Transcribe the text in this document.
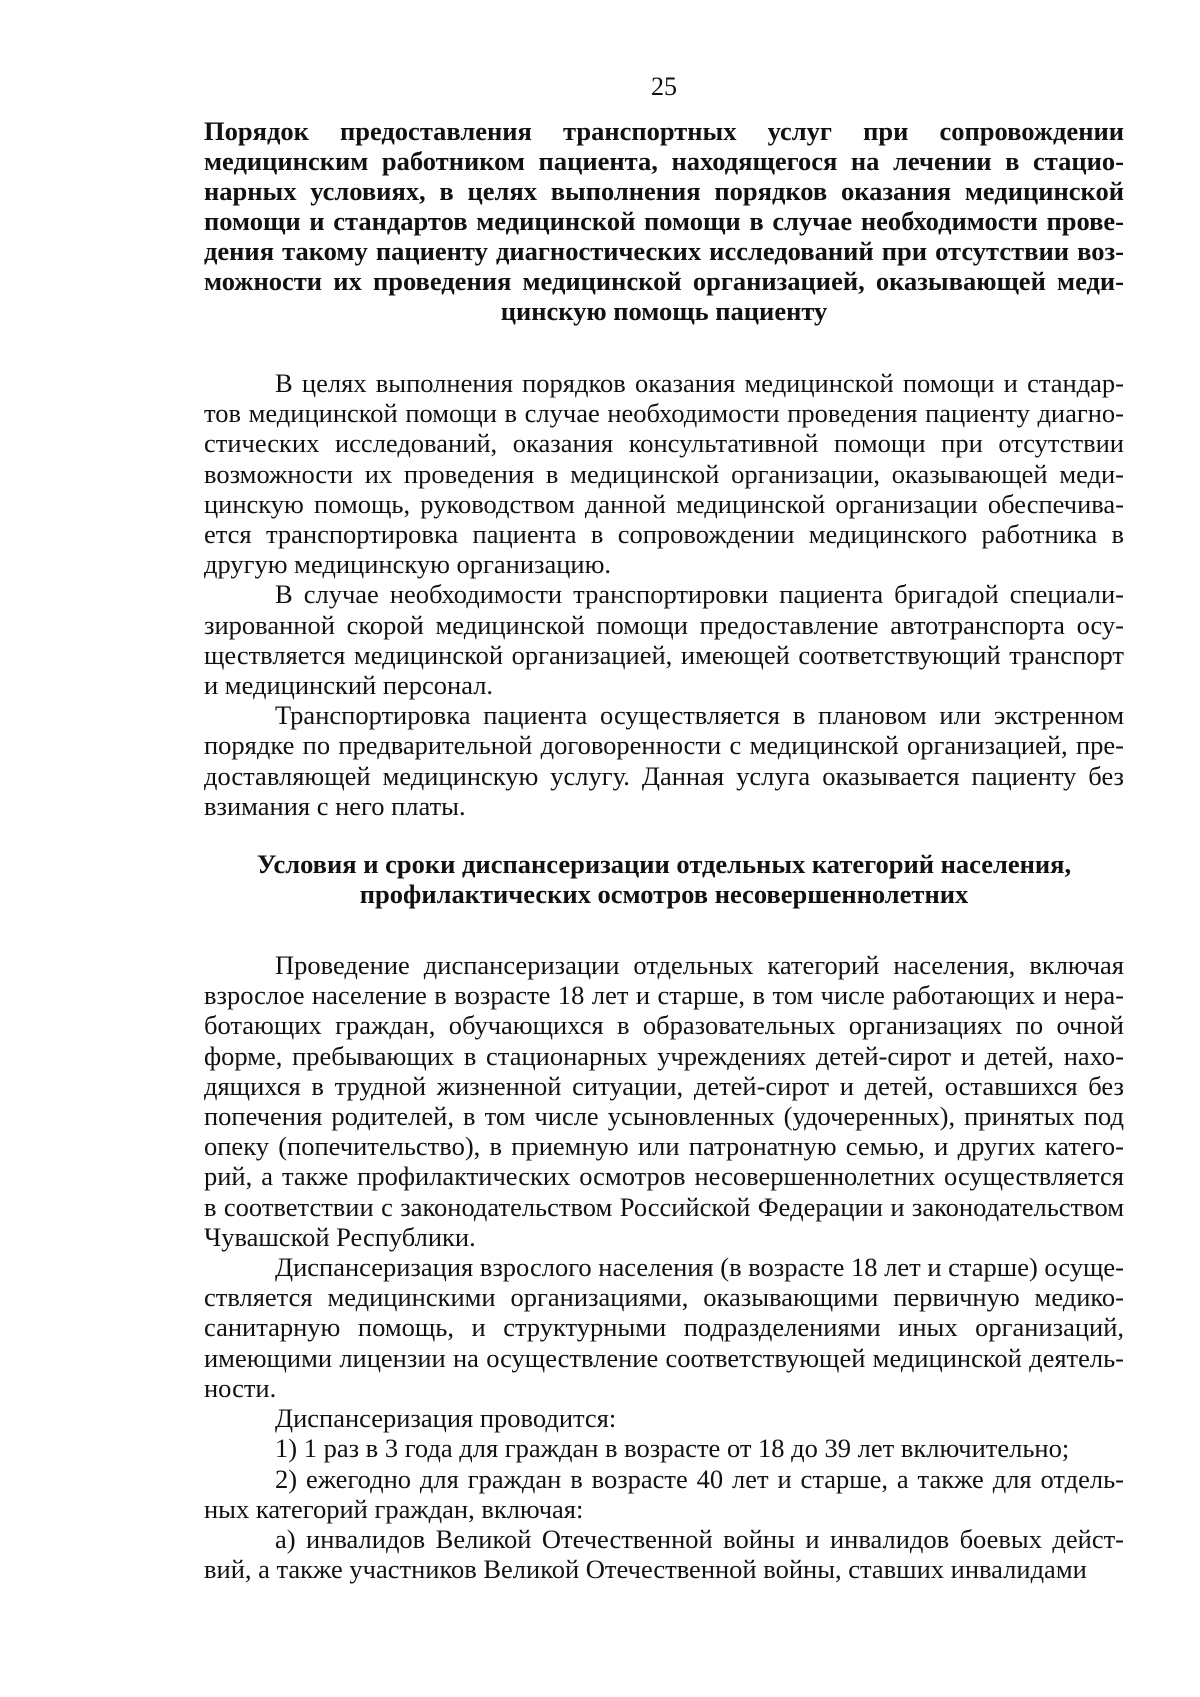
25

Порядок предоставления транспортных услуг при сопровождении медицинским работником пациента, находящегося на лечении в стационарных условиях, в целях выполнения порядков оказания медицинской помощи и стандартов медицинской помощи в случае необходимости проведения такому пациенту диагностических исследований при отсутствии возможности их проведения медицинской организацией, оказывающей медицинскую помощь пациенту

В целях выполнения порядков оказания медицинской помощи и стандартов медицинской помощи в случае необходимости проведения пациенту диагностических исследований, оказания консультативной помощи при отсутствии возможности их проведения в медицинской организации, оказывающей медицинскую помощь, руководством данной медицинской организации обеспечивается транспортировка пациента в сопровождении медицинского работника в другую медицинскую организацию.

В случае необходимости транспортировки пациента бригадой специализированной скорой медицинской помощи предоставление автотранспорта осуществляется медицинской организацией, имеющей соответствующий транспорт и медицинский персонал.

Транспортировка пациента осуществляется в плановом или экстренном порядке по предварительной договоренности с медицинской организацией, предоставляющей медицинскую услугу. Данная услуга оказывается пациенту без взимания с него платы.

Условия и сроки диспансеризации отдельных категорий населения,
профилактических осмотров несовершеннолетних

Проведение диспансеризации отдельных категорий населения, включая взрослое население в возрасте 18 лет и старше, в том числе работающих и неработающих граждан, обучающихся в образовательных организациях по очной форме, пребывающих в стационарных учреждениях детей-сирот и детей, находящихся в трудной жизненной ситуации, детей-сирот и детей, оставшихся без попечения родителей, в том числе усыновленных (удочеренных), принятых под опеку (попечительство), в приемную или патронатную семью, и других категорий, а также профилактических осмотров несовершеннолетних осуществляется в соответствии с законодательством Российской Федерации и законодательством Чувашской Республики.

Диспансеризация взрослого населения (в возрасте 18 лет и старше) осуществляется медицинскими организациями, оказывающими первичную медико-санитарную помощь, и структурными подразделениями иных организаций, имеющими лицензии на осуществление соответствующей медицинской деятельности.

Диспансеризация проводится:

1) 1 раз в 3 года для граждан в возрасте от 18 до 39 лет включительно;

2) ежегодно для граждан в возрасте 40 лет и старше, а также для отдельных категорий граждан, включая:

а) инвалидов Великой Отечественной войны и инвалидов боевых действий, а также участников Великой Отечественной войны, ставших инвалидами
